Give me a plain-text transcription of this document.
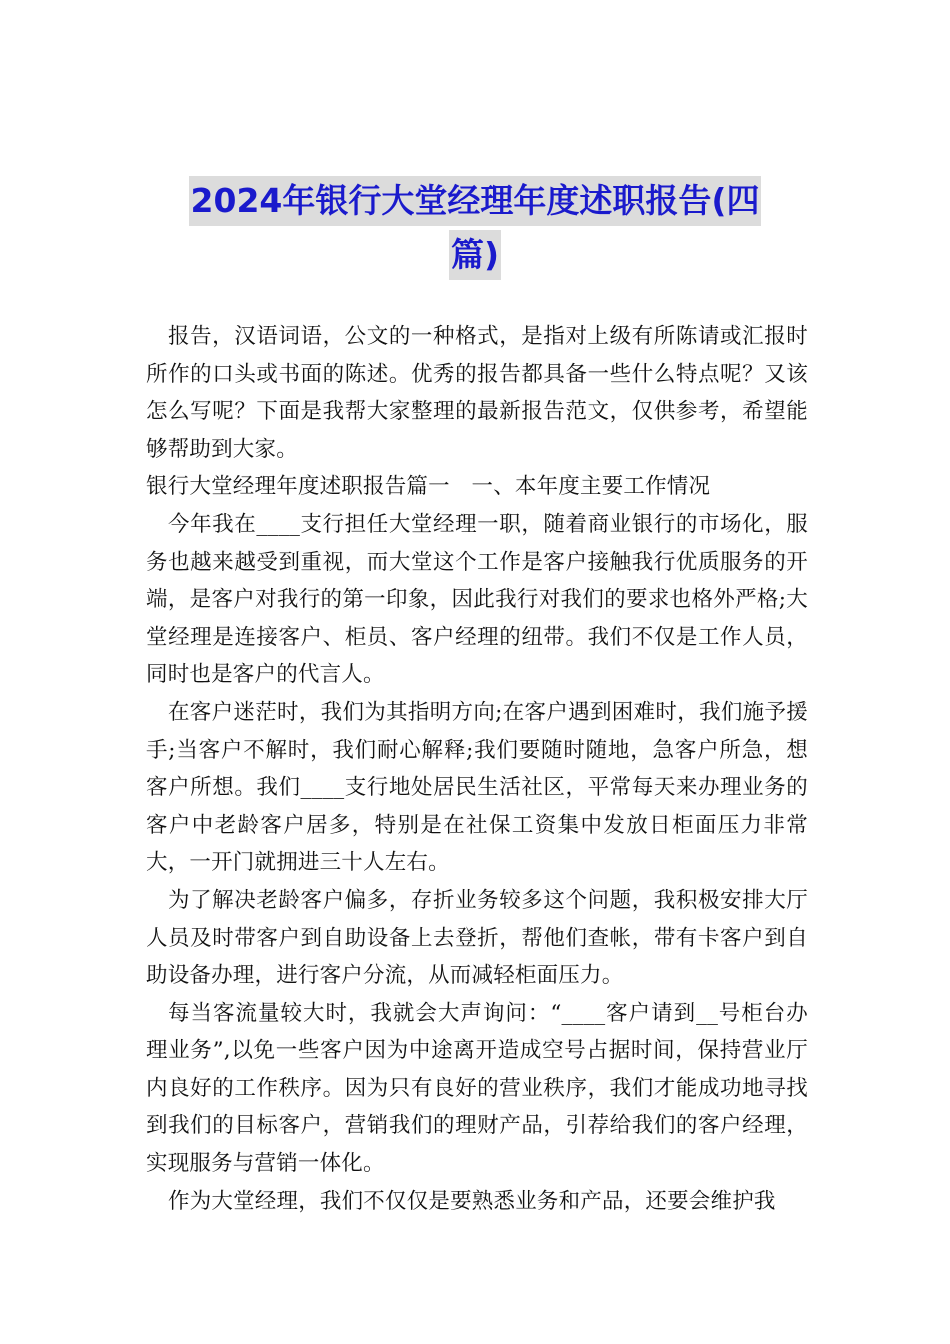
2024年银行大堂经理年度述职报告(四
篇)

报告，汉语词语，公文的一种格式，是指对上级有所陈请或汇报时所作的口头或书面的陈述。优秀的报告都具备一些什么特点呢？又该怎么写呢？下面是我帮大家整理的最新报告范文，仅供参考，希望能够帮助到大家。

银行大堂经理年度述职报告篇一　一、本年度主要工作情况

今年我在____支行担任大堂经理一职，随着商业银行的市场化，服务也越来越受到重视，而大堂这个工作是客户接触我行优质服务的开端，是客户对我行的第一印象，因此我行对我们的要求也格外严格;大堂经理是连接客户、柜员、客户经理的纽带。我们不仅是工作人员，同时也是客户的代言人。

在客户迷茫时，我们为其指明方向;在客户遇到困难时，我们施予援手;当客户不解时，我们耐心解释;我们要随时随地，急客户所急，想客户所想。我们____支行地处居民生活社区，平常每天来办理业务的客户中老龄客户居多，特别是在社保工资集中发放日柜面压力非常大，一开门就拥进三十人左右。

为了解决老龄客户偏多，存折业务较多这个问题，我积极安排大厅人员及时带客户到自助设备上去登折，帮他们查帐，带有卡客户到自助设备办理，进行客户分流，从而减轻柜面压力。

每当客流量较大时，我就会大声询问：“____客户请到__号柜台办理业务”,以免一些客户因为中途离开造成空号占据时间，保持营业厅内良好的工作秩序。因为只有良好的营业秩序，我们才能成功地寻找到我们的目标客户，营销我们的理财产品，引荐给我们的客户经理，实现服务与营销一体化。

作为大堂经理，我们不仅仅是要熟悉业务和产品，还要会维护我
